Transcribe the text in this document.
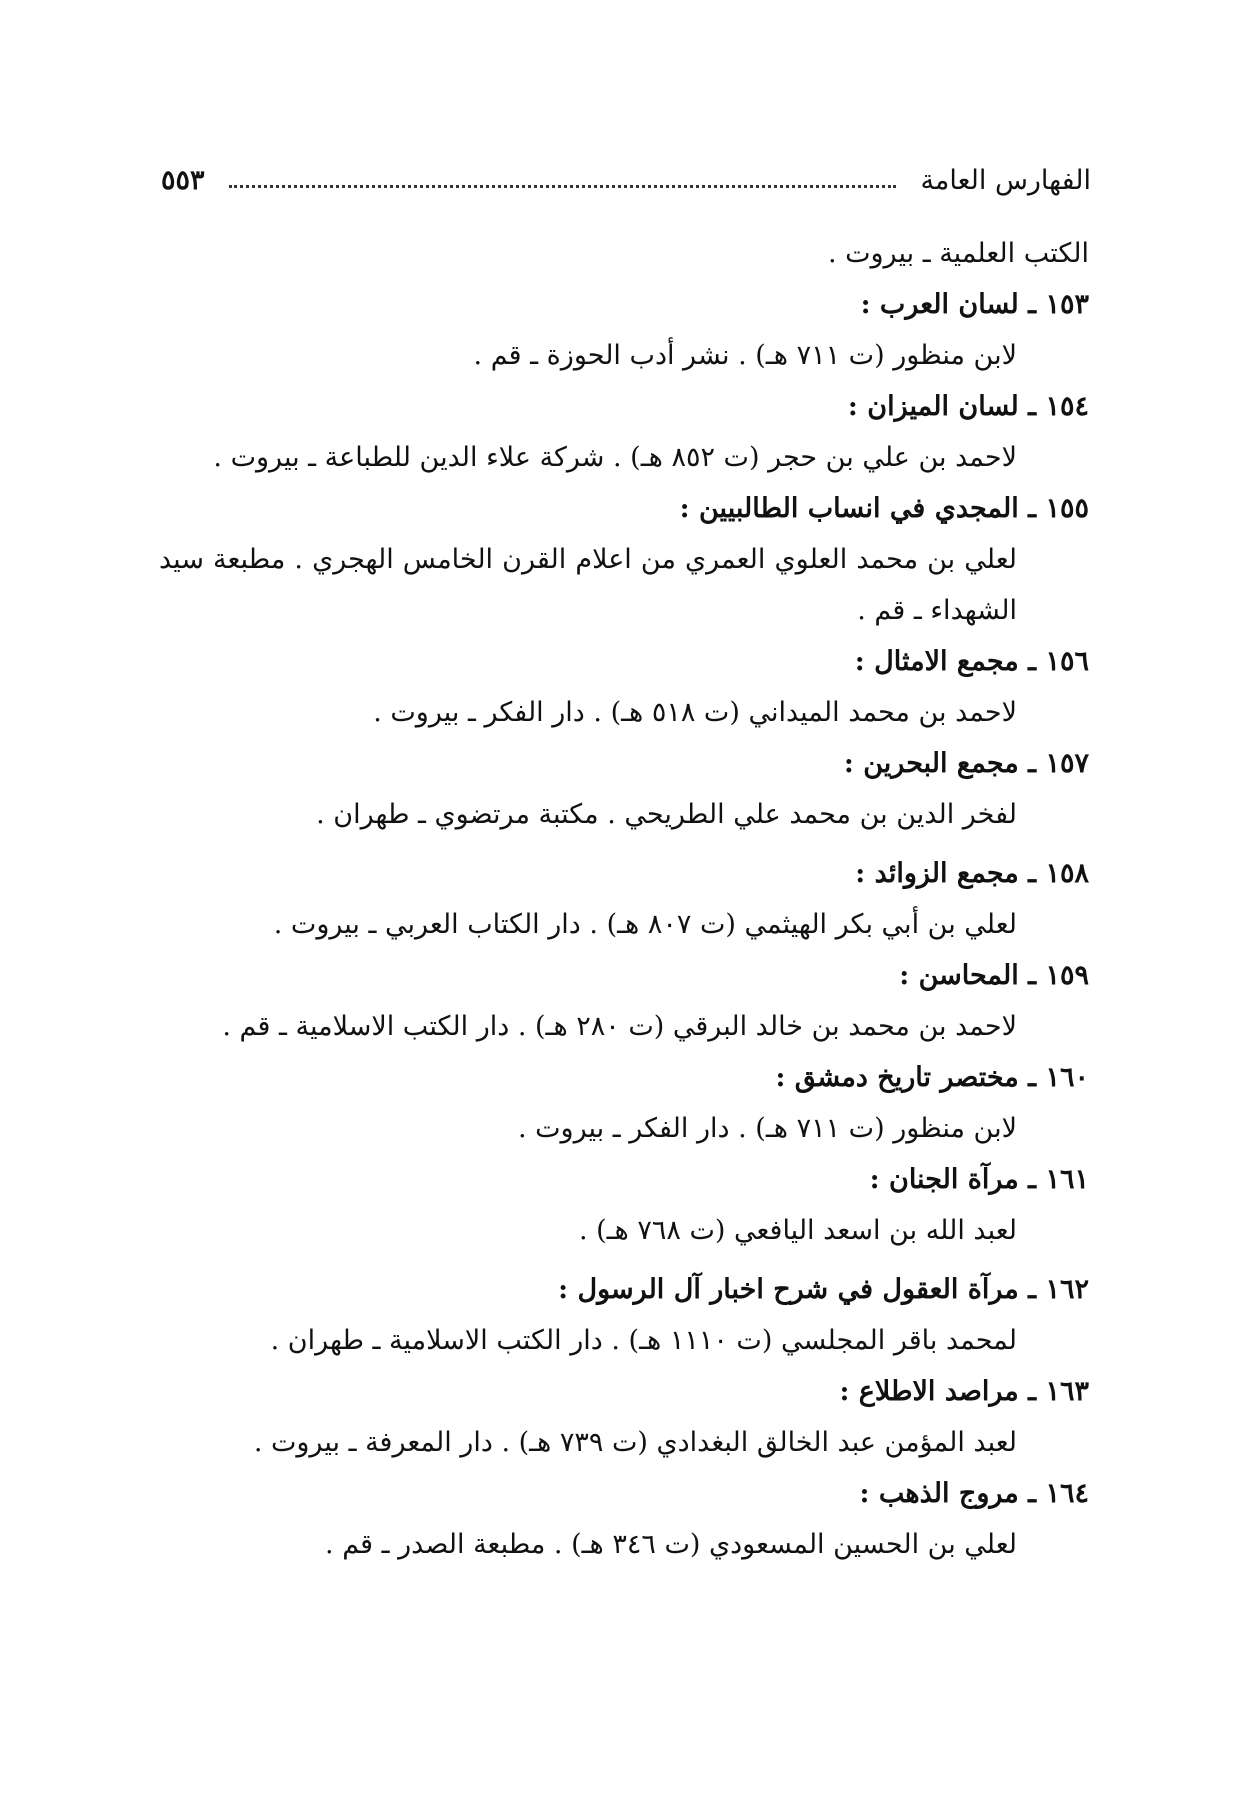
الفهارس العامة
٥٥٣

الكتب العلمية ـ بيروت .

١٥٣ ـ لسان العرب :

لابن منظور (ت ٧١١ هـ) . نشر أدب الحوزة ـ قم .

١٥٤ ـ لسان الميزان :

لاحمد بن علي بن حجر (ت ٨٥٢ هـ) . شركة علاء الدين للطباعة ـ بيروت .

١٥٥ ـ المجدي في انساب الطالبيين :

لعلي بن محمد العلوي العمري من اعلام القرن الخامس الهجري . مطبعة سيد الشهداء ـ قم .

١٥٦ ـ مجمع الامثال :

لاحمد بن محمد الميداني (ت ٥١٨ هـ) . دار الفكر ـ بيروت .

١٥٧ ـ مجمع البحرين :

لفخر الدين بن محمد علي الطريحي . مكتبة مرتضوي ـ طهران .

١٥٨ ـ مجمع الزوائد :

لعلي بن أبي بكر الهيثمي (ت ٨٠٧ هـ) . دار الكتاب العربي ـ بيروت .

١٥٩ ـ المحاسن :

لاحمد بن محمد بن خالد البرقي (ت ٢٨٠ هـ) . دار الكتب الاسلامية ـ قم .

١٦٠ ـ مختصر تاريخ دمشق :

لابن منظور (ت ٧١١ هـ) . دار الفكر ـ بيروت .

١٦١ ـ مرآة الجنان :

لعبد الله بن اسعد اليافعي (ت ٧٦٨ هـ) .

١٦٢ ـ مرآة العقول في شرح اخبار آل الرسول :

لمحمد باقر المجلسي (ت ١١١٠ هـ) . دار الكتب الاسلامية ـ طهران .

١٦٣ ـ مراصد الاطلاع :

لعبد المؤمن عبد الخالق البغدادي (ت ٧٣٩ هـ) . دار المعرفة ـ بيروت .

١٦٤ ـ مروج الذهب :

لعلي بن الحسين المسعودي (ت ٣٤٦ هـ) . مطبعة الصدر ـ قم .
